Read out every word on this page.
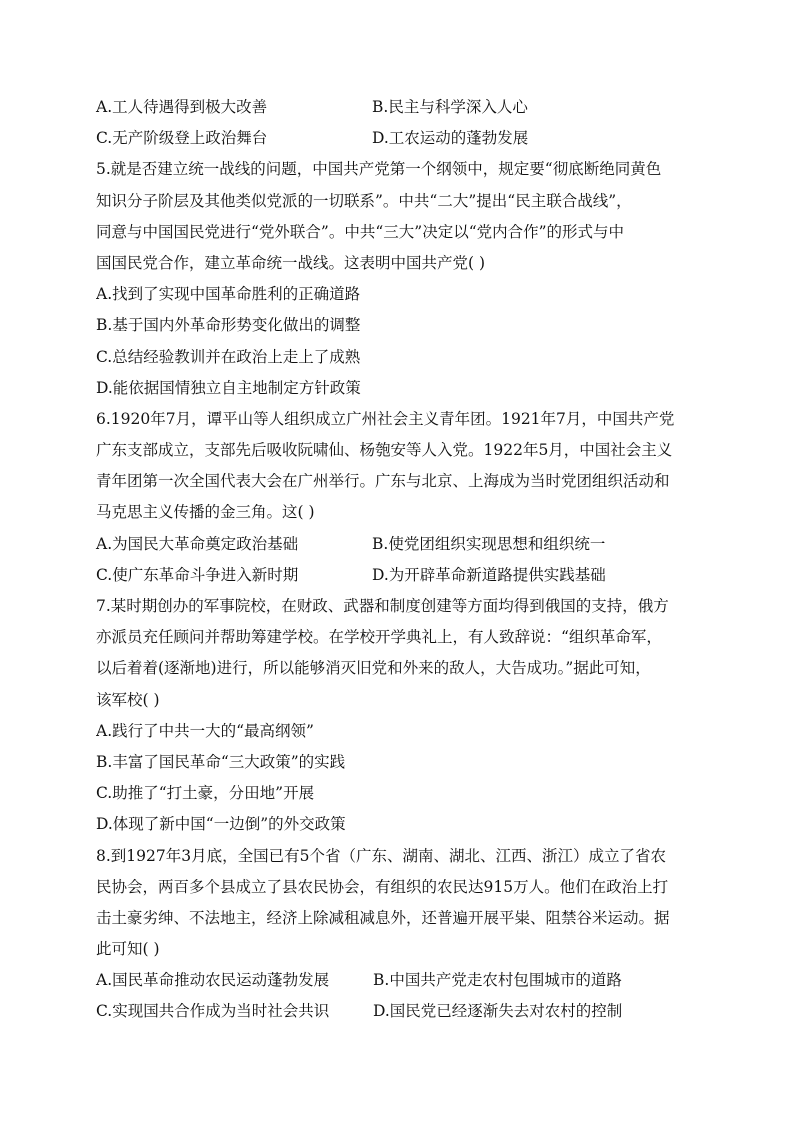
A.工人待遇得到极大改善	B.民主与科学深入人心
C.无产阶级登上政治舞台	D.工农运动的蓬勃发展
5.就是否建立统一战线的问题，中国共产党第一个纲领中，规定要“彻底断绝同黄色
知识分子阶层及其他类似党派的一切联系”。中共“二大”提出“民主联合战线”，
同意与中国国民党进行“党外联合”。中共“三大”决定以“党内合作”的形式与中
国国民党合作，建立革命统一战线。这表明中国共产党( )
A.找到了实现中国革命胜利的正确道路
B.基于国内外革命形势变化做出的调整
C.总结经验教训并在政治上走上了成熟
D.能依据国情独立自主地制定方针政策
6.1920年7月，谭平山等人组织成立广州社会主义青年团。1921年7月，中国共产党
广东支部成立，支部先后吸收阮啸仙、杨匏安等人入党。1922年5月，中国社会主义
青年团第一次全国代表大会在广州举行。广东与北京、上海成为当时党团组织活动和
马克思主义传播的金三角。这( )
A.为国民大革命奠定政治基础	B.使党团组织实现思想和组织统一
C.使广东革命斗争进入新时期	D.为开辟革命新道路提供实践基础
7.某时期创办的军事院校，在财政、武器和制度创建等方面均得到俄国的支持，俄方
亦派员充任顾问并帮助筹建学校。在学校开学典礼上，有人致辞说：“组织革命军，
以后着着(逐渐地)进行，所以能够消灭旧党和外来的敌人，大告成功。”据此可知，
该军校( )
A.践行了中共一大的“最高纲领”
B.丰富了国民革命“三大政策”的实践
C.助推了“打土豪，分田地”开展
D.体现了新中国“一边倒”的外交政策
8.到1927年3月底，全国已有5个省（广东、湖南、湖北、江西、浙江）成立了省农
民协会，两百多个县成立了县农民协会，有组织的农民达915万人。他们在政治上打
击土豪劣绅、不法地主，经济上除减租减息外，还普遍开展平粜、阻禁谷米运动。据
此可知( )
A.国民革命推动农民运动蓬勃发展	B.中国共产党走农村包围城市的道路
C.实现国共合作成为当时社会共识	D.国民党已经逐渐失去对农村的控制
